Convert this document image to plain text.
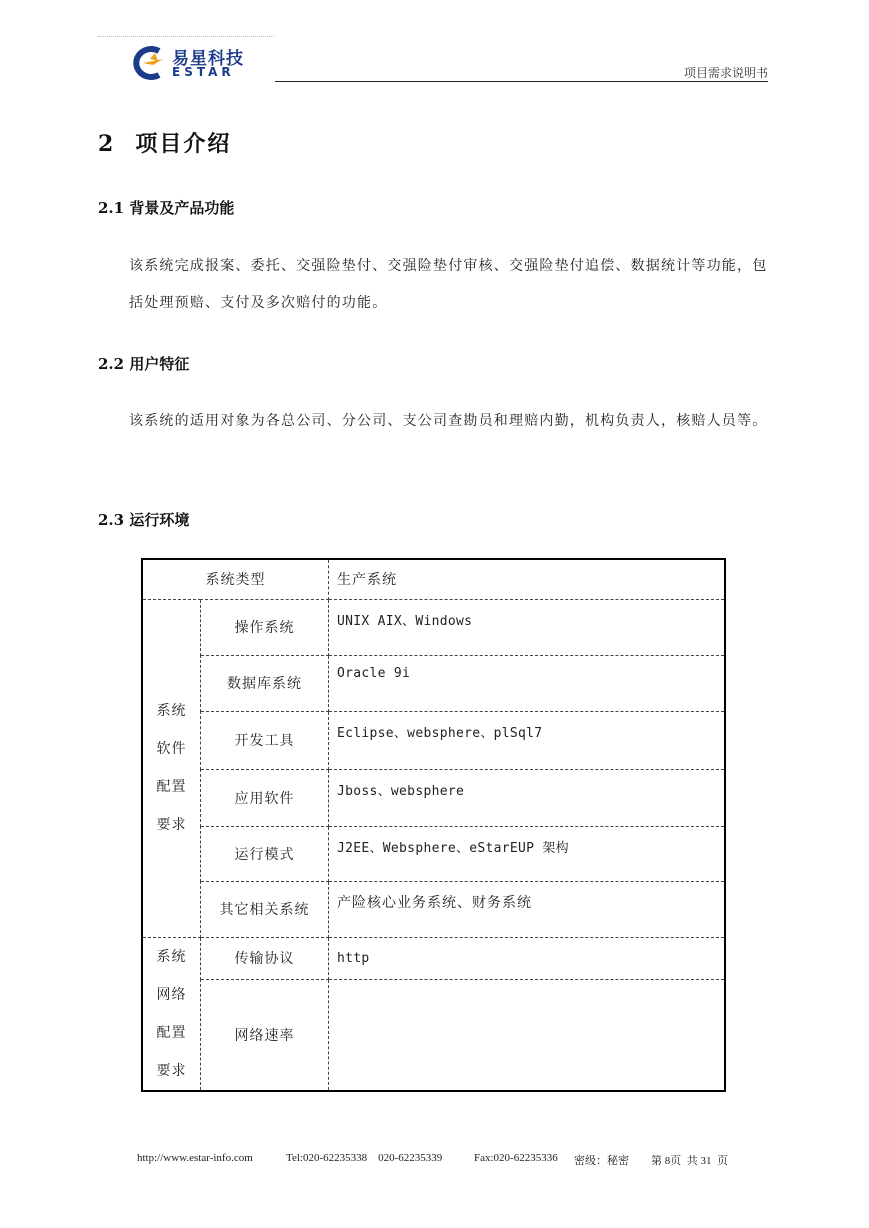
易星科技
ESTAR	项目需求说明书
2 项目介绍
2.1 背景及产品功能
该系统完成报案、委托、交强险垫付、交强险垫付审核、交强险垫付追偿、数据统计等功能，包括处理预赔、支付及多次赔付的功能。
2.2 用户特征
该系统的适用对象为各总公司、分公司、支公司查勘员和理赔内勤，机构负责人，核赔人员等。
2.3 运行环境
系统类型		生产系统

系统
软件
配置
要求	操作系统	UNIX AIX、Windows
	数据库系统	Oracle 9i
	开发工具	Eclipse、websphere、plSql7
	应用软件	Jboss、websphere
	运行模式	J2EE、Websphere、eStarEUP 架构
	其它相关系统	产险核心业务系统、财务系统

系统
网络
配置
要求	传输协议	http
	网络速率	
http://www.estar-info.com	Tel:020-62235338    020-62235339	Fax:020-62235336 密级：秘密 第 8页  共 31  页
